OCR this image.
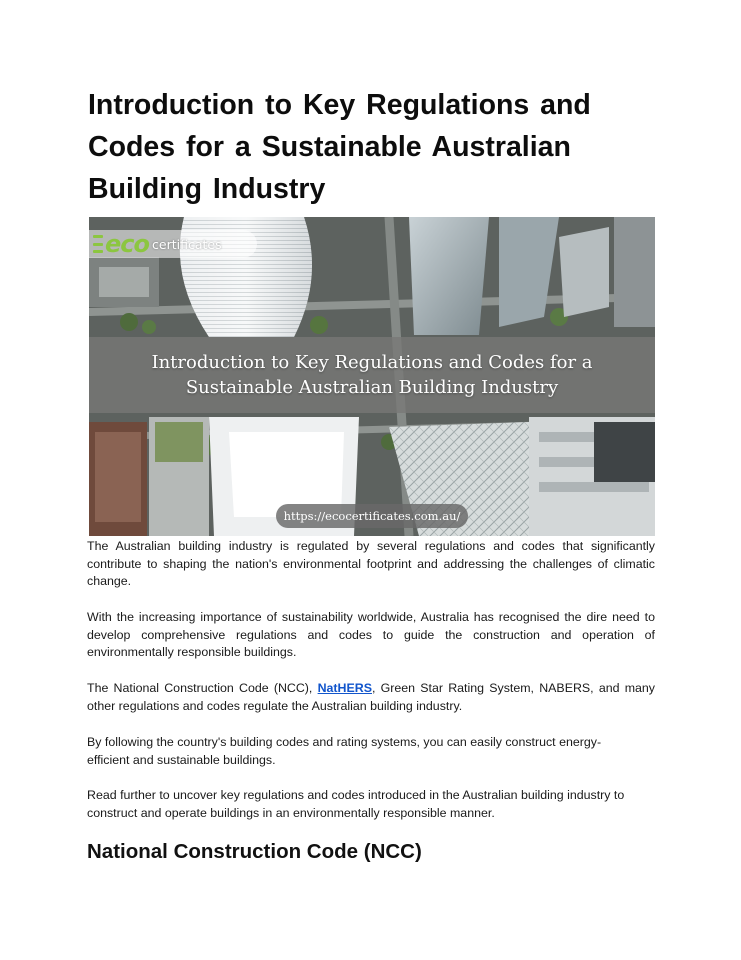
Introduction to Key Regulations and Codes for a Sustainable Australian Building Industry
eco certificates
Introduction to Key Regulations and Codes for a
Sustainable Australian Building Industry
https://ecocertificates.com.au/

The Australian building industry is regulated by several regulations and codes that significantly contribute to shaping the nation's environmental footprint and addressing the challenges of climatic change.

With the increasing importance of sustainability worldwide, Australia has recognised the dire need to develop comprehensive regulations and codes to guide the construction and operation of environmentally responsible buildings.

The National Construction Code (NCC), NatHERS, Green Star Rating System, NABERS, and many other regulations and codes regulate the Australian building industry.

By following the country's building codes and rating systems, you can easily construct energy-efficient and sustainable buildings.

Read further to uncover key regulations and codes introduced in the Australian building industry to construct and operate buildings in an environmentally responsible manner.

National Construction Code (NCC)
